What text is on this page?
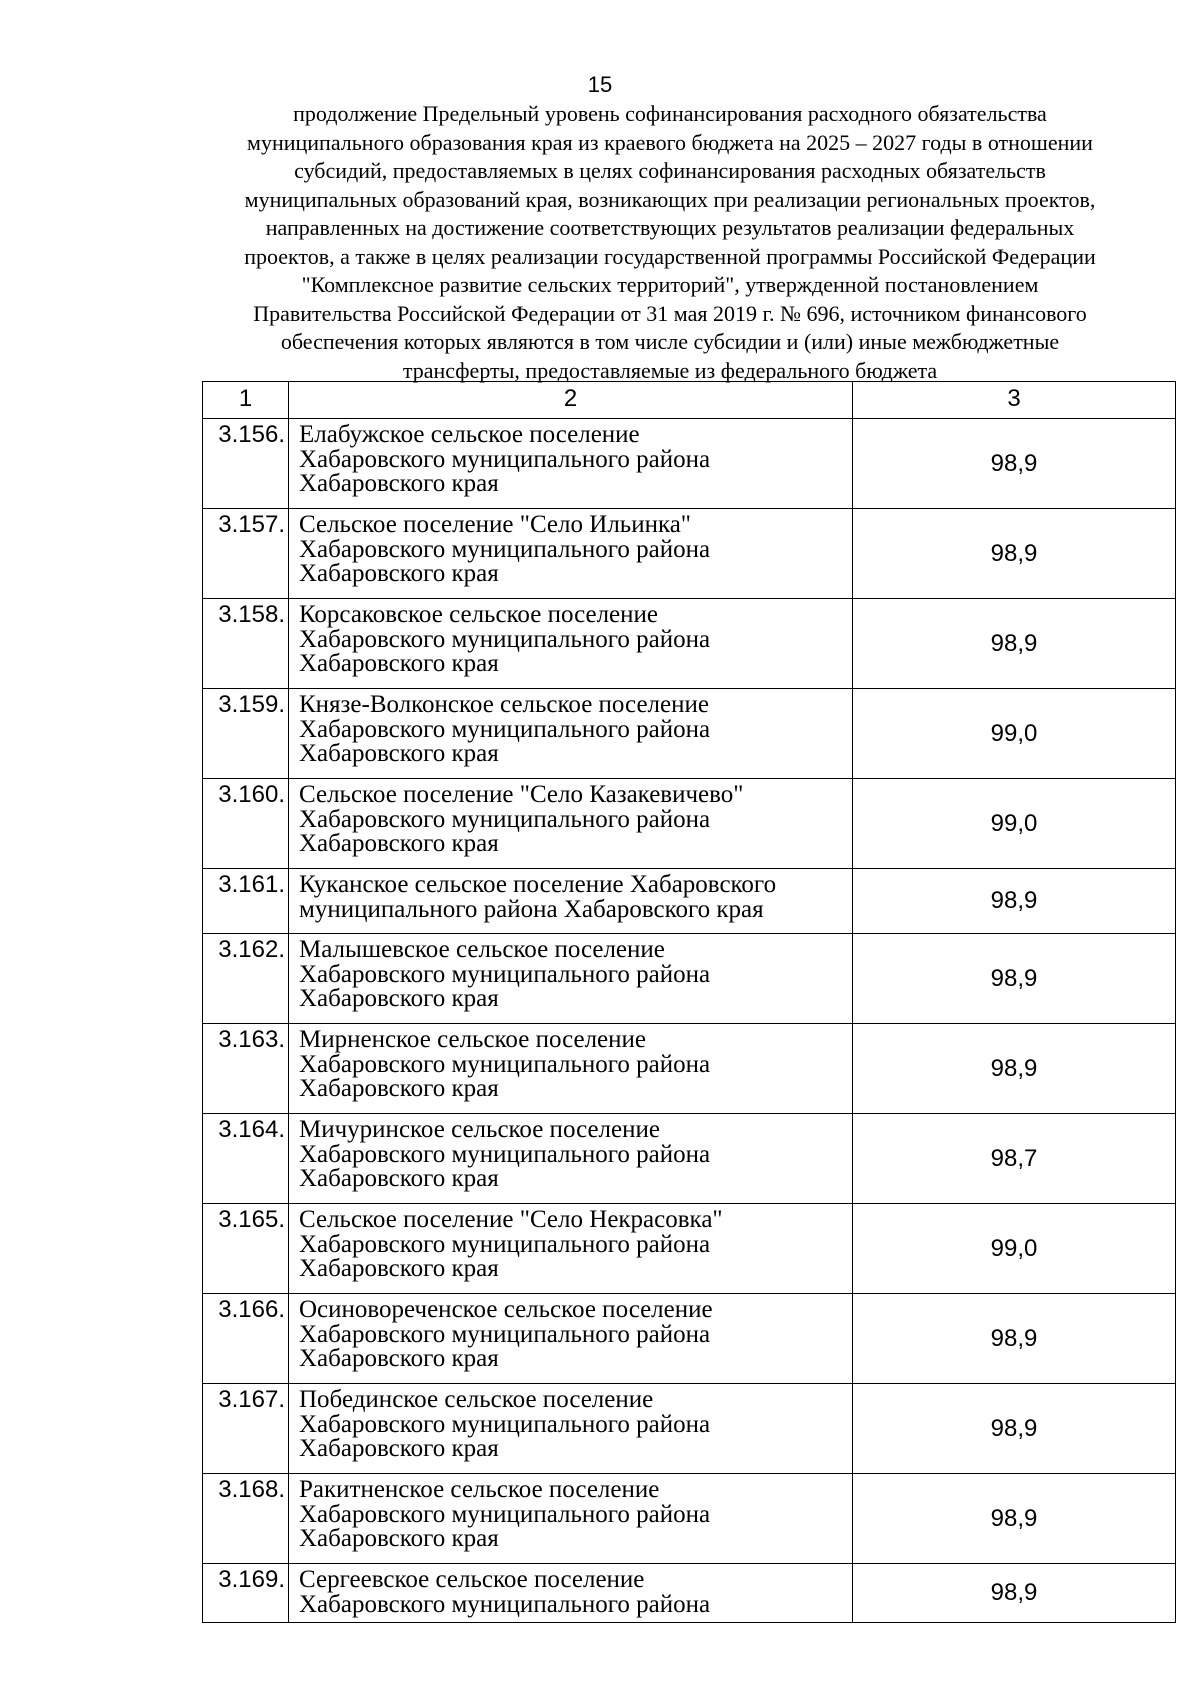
15
продолжение Предельный уровень софинансирования расходного обязательства
муниципального образования края из краевого бюджета на 2025 – 2027 годы в отношении
субсидий, предоставляемых в целях софинансирования расходных обязательств
муниципальных образований края, возникающих при реализации региональных проектов,
направленных на достижение соответствующих результатов реализации федеральных
проектов, а также в целях реализации государственной программы Российской Федерации
"Комплексное развитие сельских территорий", утвержденной постановлением
Правительства Российской Федерации от 31 мая 2019 г. № 696, источником финансового
обеспечения которых являются в том числе субсидии и (или) иные межбюджетные
трансферты, предоставляемые из федерального бюджета
1	2	3
3.156.	Елабужское сельское поселение
Хабаровского муниципального района
Хабаровского края	98,9
3.157.	Сельское поселение "Село Ильинка"
Хабаровского муниципального района
Хабаровского края	98,9
3.158.	Корсаковское сельское поселение
Хабаровского муниципального района
Хабаровского края	98,9
3.159.	Князе-Волконское сельское поселение
Хабаровского муниципального района
Хабаровского края	99,0
3.160.	Сельское поселение "Село Казакевичево"
Хабаровского муниципального района
Хабаровского края	99,0
3.161.	Куканское сельское поселение Хабаровского
муниципального района Хабаровского края	98,9
3.162.	Малышевское сельское поселение
Хабаровского муниципального района
Хабаровского края	98,9
3.163.	Мирненское сельское поселение
Хабаровского муниципального района
Хабаровского края	98,9
3.164.	Мичуринское сельское поселение
Хабаровского муниципального района
Хабаровского края	98,7
3.165.	Сельское поселение "Село Некрасовка"
Хабаровского муниципального района
Хабаровского края	99,0
3.166.	Осиновореченское сельское поселение
Хабаровского муниципального района
Хабаровского края	98,9
3.167.	Побединское сельское поселение
Хабаровского муниципального района
Хабаровского края	98,9
3.168.	Ракитненское сельское поселение
Хабаровского муниципального района
Хабаровского края	98,9
3.169.	Сергеевское сельское поселение
Хабаровского муниципального района	98,9
